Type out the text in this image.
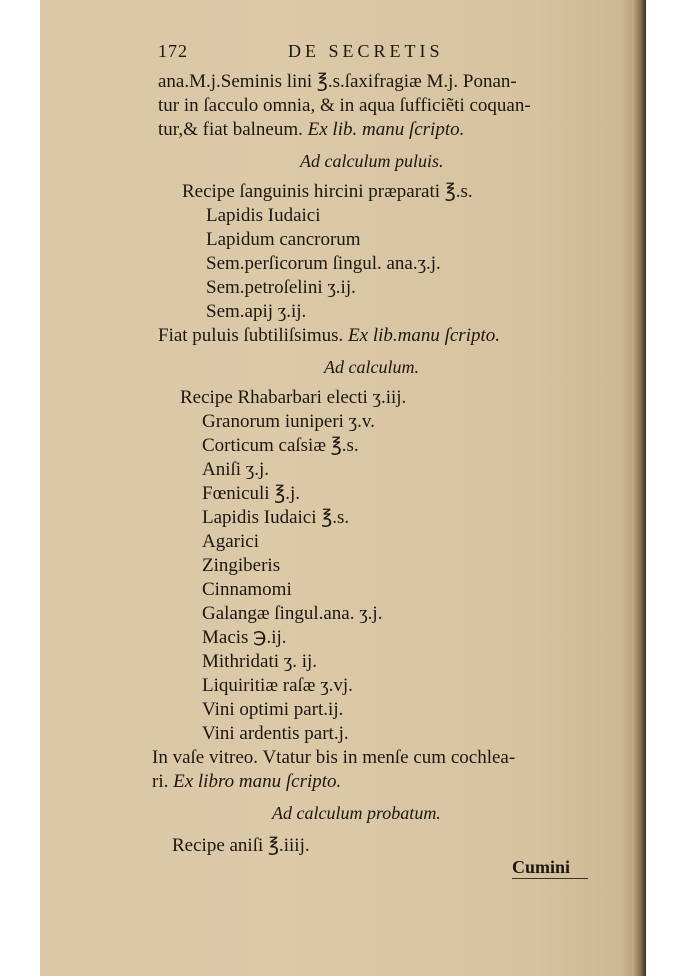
172	DE SECRETIS
ana.M.j.Seminis lini ℥.s.ſaxifragiæ M.j. Ponan-
tur in ſacculo omnia, & in aqua ſufficiẽti coquan-
tur,& fiat balneum. Ex lib. manu ſcripto.
Ad calculum puluis.
Recipe ſanguinis hircini præparati ℥.s.
Lapidis Iudaici
Lapidum cancrorum
Sem.perſicorum ſingul. ana.ʒ.j.
Sem.petroſelini ʒ.ij.
Sem.apij ʒ.ij.
Fiat puluis ſubtiliſsimus. Ex lib.manu ſcripto.
Ad calculum.
Recipe Rhabarbari electi ʒ.iij.
Granorum iuniperi ʒ.v.
Corticum caſsiæ ℥.s.
Aniſi ʒ.j.
Fœniculi ℥.j.
Lapidis Iudaici ℥.s.
Agarici
Zingiberis
Cinnamomi
Galangæ ſingul.ana. ʒ.j.
Macis ℈.ij.
Mithridati ʒ. ij.
Liquiritiæ raſæ ʒ.vj.
Vini optimi part.ij.
Vini ardentis part.j.
In vaſe vitreo. Vtatur bis in menſe cum cochlea-
ri. Ex libro manu ſcripto.
Ad calculum probatum.
Recipe aniſi ℥.iiij.
Cumini
